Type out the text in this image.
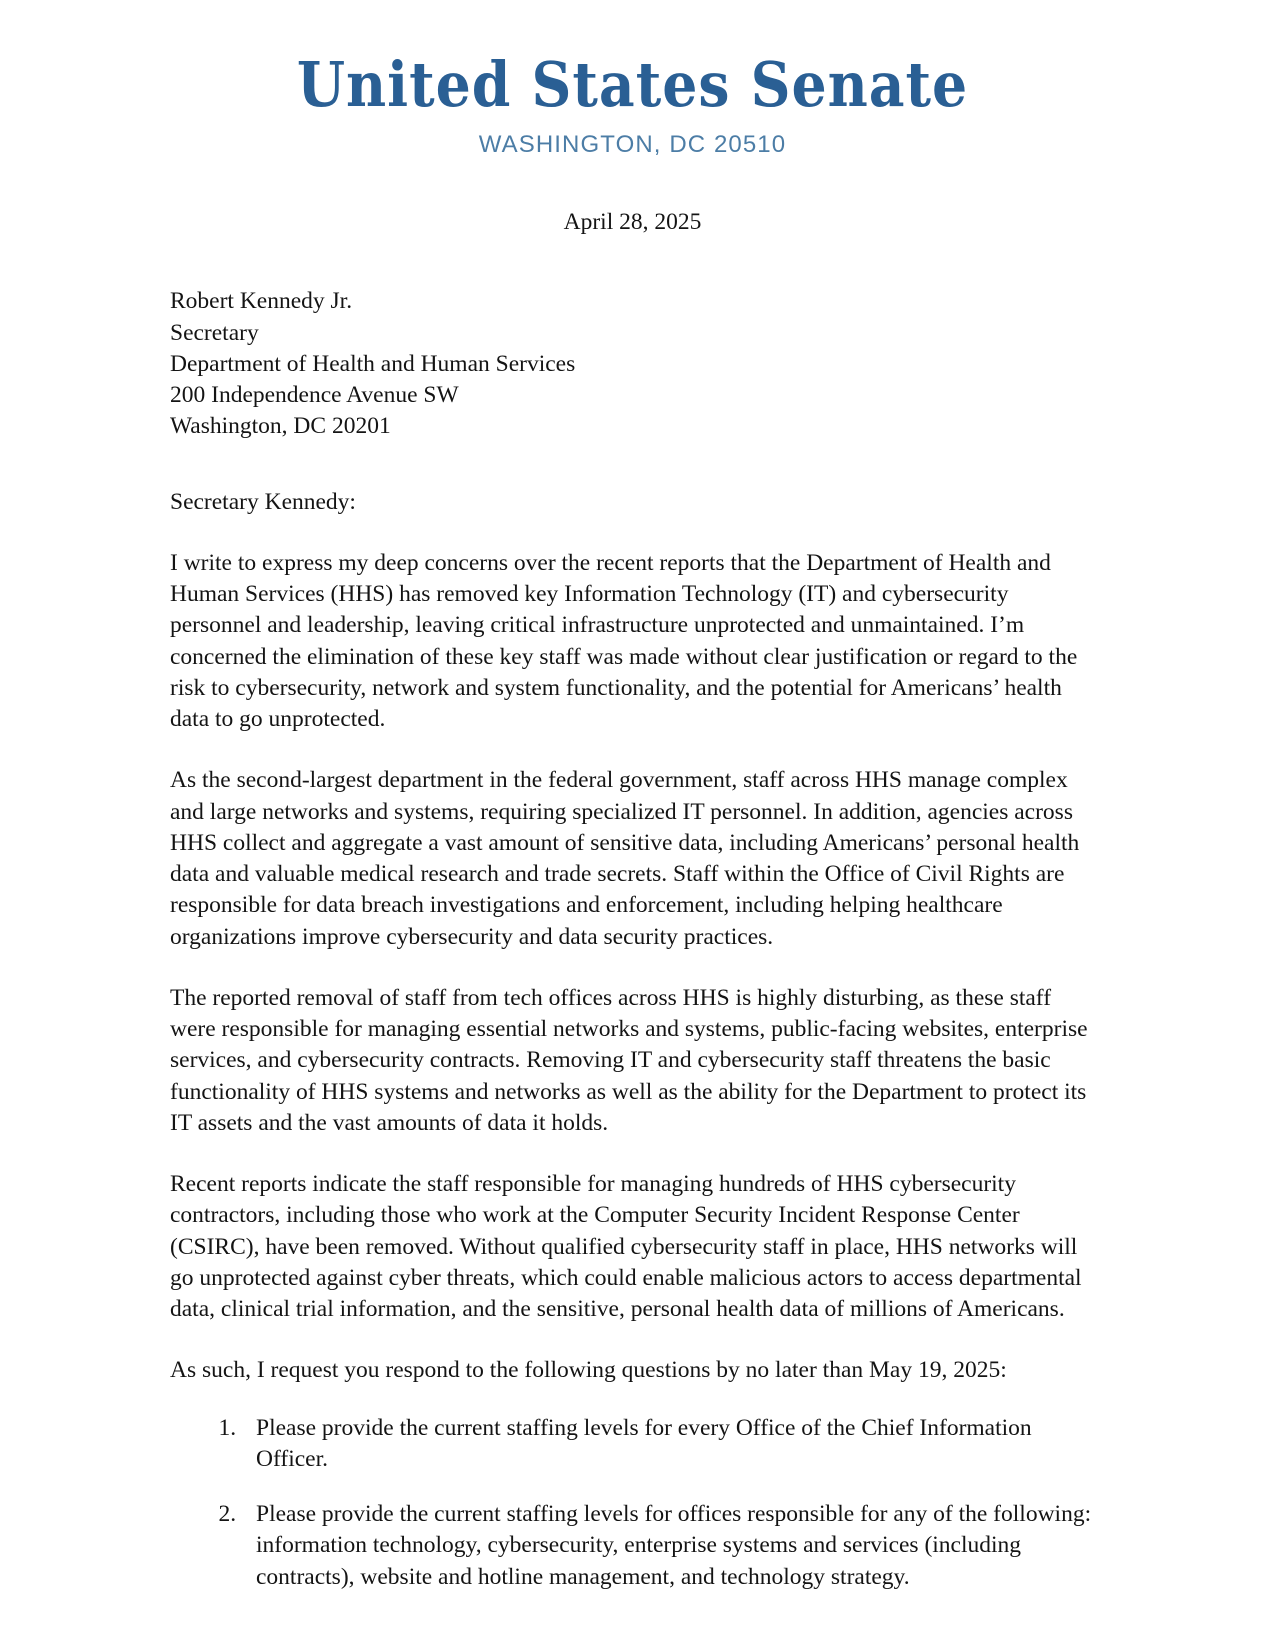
United States Senate
WASHINGTON, DC 20510
April 28, 2025
Robert Kennedy Jr.
Secretary
Department of Health and Human Services
200 Independence Avenue SW
Washington, DC 20201
Secretary Kennedy:

I write to express my deep concerns over the recent reports that the Department of Health and Human Services (HHS) has removed key Information Technology (IT) and cybersecurity personnel and leadership, leaving critical infrastructure unprotected and unmaintained. I’m concerned the elimination of these key staff was made without clear justification or regard to the risk to cybersecurity, network and system functionality, and the potential for Americans’ health data to go unprotected.

As the second-largest department in the federal government, staff across HHS manage complex and large networks and systems, requiring specialized IT personnel. In addition, agencies across HHS collect and aggregate a vast amount of sensitive data, including Americans’ personal health data and valuable medical research and trade secrets. Staff within the Office of Civil Rights are responsible for data breach investigations and enforcement, including helping healthcare organizations improve cybersecurity and data security practices.

The reported removal of staff from tech offices across HHS is highly disturbing, as these staff were responsible for managing essential networks and systems, public-facing websites, enterprise services, and cybersecurity contracts. Removing IT and cybersecurity staff threatens the basic functionality of HHS systems and networks as well as the ability for the Department to protect its IT assets and the vast amounts of data it holds.

Recent reports indicate the staff responsible for managing hundreds of HHS cybersecurity contractors, including those who work at the Computer Security Incident Response Center (CSIRC), have been removed. Without qualified cybersecurity staff in place, HHS networks will go unprotected against cyber threats, which could enable malicious actors to access departmental data, clinical trial information, and the sensitive, personal health data of millions of Americans.

As such, I request you respond to the following questions by no later than May 19, 2025:

1. Please provide the current staffing levels for every Office of the Chief Information Officer.
2. Please provide the current staffing levels for offices responsible for any of the following: information technology, cybersecurity, enterprise systems and services (including contracts), website and hotline management, and technology strategy.
